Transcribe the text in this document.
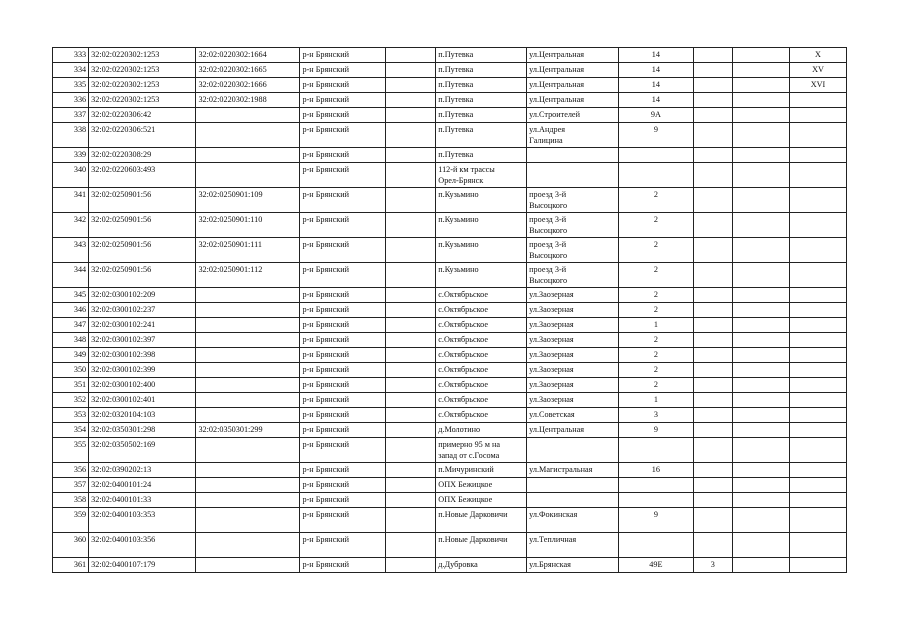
333	32:02:0220302:1253	32:02:0220302:1664	р-н Брянский		п.Путевка	ул.Центральная	14			X
334	32:02:0220302:1253	32:02:0220302:1665	р-н Брянский		п.Путевка	ул.Центральная	14			XV
335	32:02:0220302:1253	32:02:0220302:1666	р-н Брянский		п.Путевка	ул.Центральная	14			XVI
336	32:02:0220302:1253	32:02:0220302:1988	р-н Брянский		п.Путевка	ул.Центральная	14			
337	32:02:0220306:42		р-н Брянский		п.Путевка	ул.Строителей	9А			
338	32:02:0220306:521		р-н Брянский		п.Путевка	ул.Андрея
Галицина	9			
339	32:02:0220308:29		р-н Брянский		п.Путевка					
340	32:02:0220603:493		р-н Брянский		112-й км трассы
Орел-Брянск					
341	32:02:0250901:56	32:02:0250901:109	р-н Брянский		п.Кузьмино	проезд 3-й
Высоцкого	2			
342	32:02:0250901:56	32:02:0250901:110	р-н Брянский		п.Кузьмино	проезд 3-й
Высоцкого	2			
343	32:02:0250901:56	32:02:0250901:111	р-н Брянский		п.Кузьмино	проезд 3-й
Высоцкого	2			
344	32:02:0250901:56	32:02:0250901:112	р-н Брянский		п.Кузьмино	проезд 3-й
Высоцкого	2			
345	32:02:0300102:209		р-н Брянский		с.Октябрьское	ул.Заозерная	2			
346	32:02:0300102:237		р-н Брянский		с.Октябрьское	ул.Заозерная	2			
347	32:02:0300102:241		р-н Брянский		с.Октябрьское	ул.Заозерная	1			
348	32:02:0300102:397		р-н Брянский		с.Октябрьское	ул.Заозерная	2			
349	32:02:0300102:398		р-н Брянский		с.Октябрьское	ул.Заозерная	2			
350	32:02:0300102:399		р-н Брянский		с.Октябрьское	ул.Заозерная	2			
351	32:02:0300102:400		р-н Брянский		с.Октябрьское	ул.Заозерная	2			
352	32:02:0300102:401		р-н Брянский		с.Октябрьское	ул.Заозерная	1			
353	32:02:0320104:103		р-н Брянский		с.Октябрьское	ул.Советская	3			
354	32:02:0350301:298	32:02:0350301:299	р-н Брянский		д.Молотино	ул.Центральная	9			
355	32:02:0350502:169		р-н Брянский		примерно 95 м на
запад от с.Госома					
356	32:02:0390202:13		р-н Брянский		п.Мичуринский	ул.Магистральная	16			
357	32:02:0400101:24		р-н Брянский		ОПХ Бежицкое					
358	32:02:0400101:33		р-н Брянский		ОПХ Бежицкое					
359	32:02:0400103:353		р-н Брянский		п.Новые Дарковичи	ул.Фокинская	9			
360	32:02:0400103:356		р-н Брянский		п.Новые Дарковичи	ул.Тепличная				
361	32:02:0400107:179		р-н Брянский		д.Дубровка	ул.Брянская	49Е	3		
